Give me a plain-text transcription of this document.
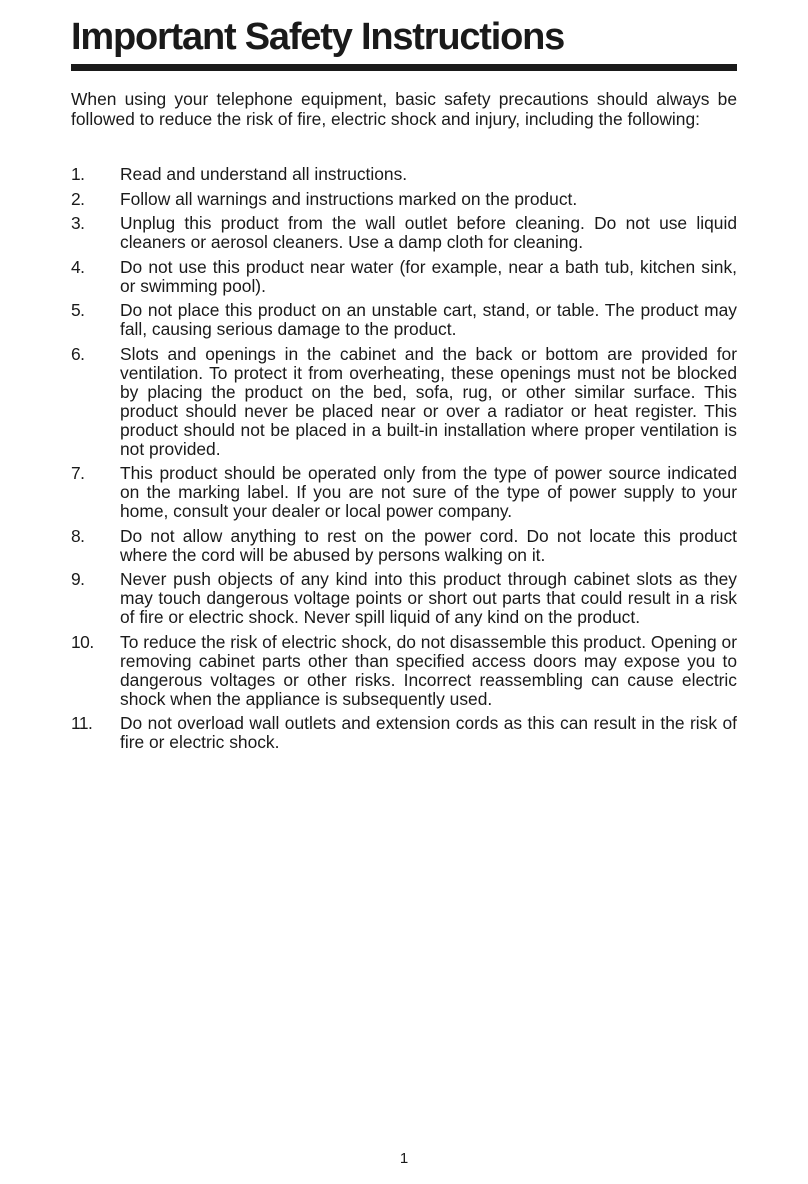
Important Safety Instructions

When using your telephone equipment, basic safety precautions should always be followed to reduce the risk of fire, electric shock and injury, including the following:

1. Read and understand all instructions.
2. Follow all warnings and instructions marked on the product.
3. Unplug this product from the wall outlet before cleaning. Do not use liquid cleaners or aerosol cleaners. Use a damp cloth for cleaning.
4. Do not use this product near water (for example, near a bath tub, kitchen sink, or swimming pool).
5. Do not place this product on an unstable cart, stand, or table. The product may fall, causing serious damage to the product.
6. Slots and openings in the cabinet and the back or bottom are provided for ventilation. To protect it from overheating, these openings must not be blocked by placing the product on the bed, sofa, rug, or other similar surface. This product should never be placed near or over a radiator or heat register. This product should not be placed in a built-in installation where proper ventilation is not provided.
7. This product should be operated only from the type of power source indicated on the marking label. If you are not sure of the type of power supply to your home, consult your dealer or local power company.
8. Do not allow anything to rest on the power cord. Do not locate this product where the cord will be abused by persons walking on it.
9. Never push objects of any kind into this product through cabinet slots as they may touch dangerous voltage points or short out parts that could result in a risk of fire or electric shock. Never spill liquid of any kind on the product.
10. To reduce the risk of electric shock, do not disassemble this product. Opening or removing cabinet parts other than specified access doors may expose you to dangerous voltages or other risks. Incorrect reassembling can cause electric shock when the appliance is subsequently used.
11. Do not overload wall outlets and extension cords as this can result in the risk of fire or electric shock.
1
